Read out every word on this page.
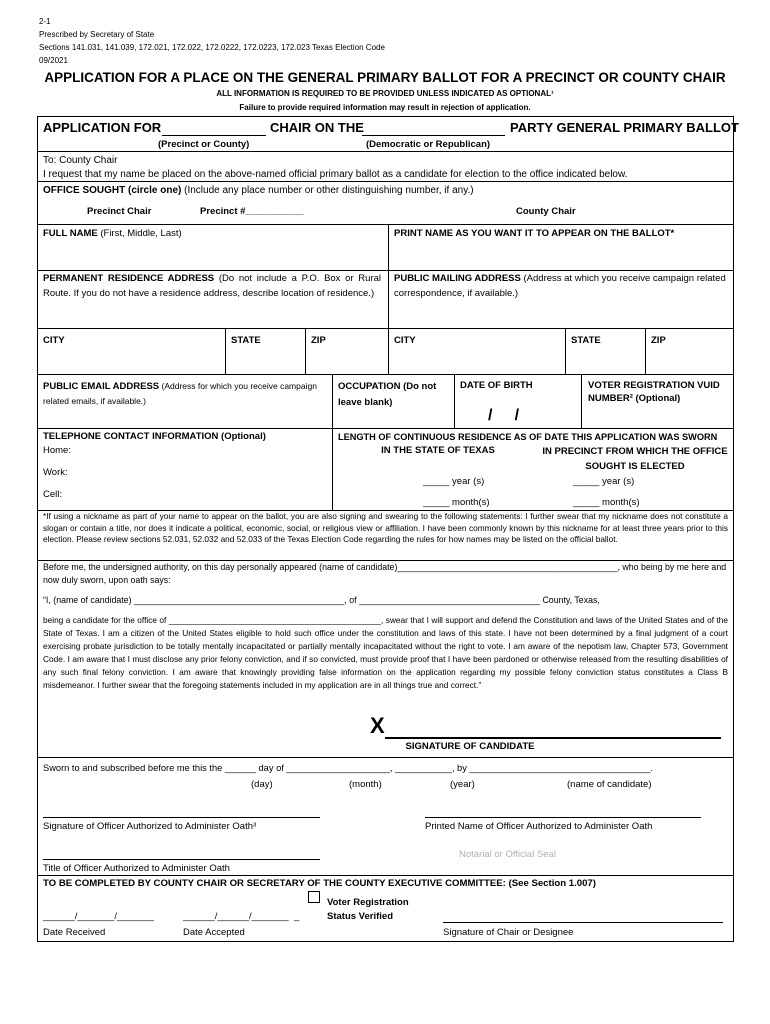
2-1
Prescribed by Secretary of State
Sections 141.031, 141.039, 172.021, 172.022, 172.0222, 172.0223, 172.023 Texas Election Code
09/2021
APPLICATION FOR A PLACE ON THE GENERAL PRIMARY BALLOT FOR A PRECINCT OR COUNTY CHAIR
ALL INFORMATION IS REQUIRED TO BE PROVIDED UNLESS INDICATED AS OPTIONAL¹
Failure to provide required information may result in rejection of application.
APPLICATION FOR	CHAIR ON THE	PARTY GENERAL PRIMARY BALLOT
(Precinct or County)	(Democratic or Republican)
To: County Chair
I request that my name be placed on the above-named official primary ballot as a candidate for election to the office indicated below.
OFFICE SOUGHT (circle one) (Include any place number or other distinguishing number, if any.)
Precinct Chair	Precinct #___________	County Chair
FULL NAME (First, Middle, Last)	PRINT NAME AS YOU WANT IT TO APPEAR ON THE BALLOT*
PERMANENT RESIDENCE ADDRESS (Do not include a P.O. Box or Rural Route. If you do not have a residence address, describe location of residence.)
PUBLIC MAILING ADDRESS (Address at which you receive campaign related correspondence, if available.)
CITY	STATE	ZIP	CITY	STATE	ZIP
PUBLIC EMAIL ADDRESS (Address for which you receive campaign related emails, if available.)
OCCUPATION (Do not leave blank)
DATE OF BIRTH
/     /
VOTER REGISTRATION VUID NUMBER² (Optional)
TELEPHONE CONTACT INFORMATION (Optional)
Home:
Work:
Cell:
LENGTH OF CONTINUOUS RESIDENCE AS OF DATE THIS APPLICATION WAS SWORN
IN THE STATE OF TEXAS	IN PRECINCT FROM WHICH THE OFFICE SOUGHT IS ELECTED
_____ year (s)	_____ year (s)
_____ month(s)	_____ month(s)
*If using a nickname as part of your name to appear on the ballot, you are also signing and swearing to the following statements: I further swear that my nickname does not constitute a slogan or contain a title, nor does it indicate a political, economic, social, or religious view or affiliation. I have been commonly known by this nickname for at least three years prior to this election. Please review sections 52.031, 52.032 and 52.033 of the Texas Election Code regarding the rules for how names may be listed on the official ballot.
Before me, the undersigned authority, on this day personally appeared (name of candidate)_____________________________________________, who being by me here and now duly sworn, upon oath says:
“I, (name of candidate) ___________________________________________, of _____________________________________ County, Texas,
being a candidate for the office of ______________________________________________, swear that I will support and defend the Constitution and laws of the United States and of the State of Texas. I am a citizen of the United States eligible to hold such office under the constitution and laws of this state. I have not been determined by a final judgment of a court exercising probate jurisdiction to be totally mentally incapacitated or partially mentally incapacitated without the right to vote. I am aware of the nepotism law, Chapter 573, Government Code. I am aware that I must disclose any prior felony conviction, and if so convicted, must provide proof that I have been pardoned or otherwise released from the resulting disabilities of any such final felony conviction. I am aware that knowingly providing false information on the application regarding my possible felony conviction status constitutes a Class B misdemeanor. I further swear that the foregoing statements included in my application are in all things true and correct.”
X
SIGNATURE OF CANDIDATE
Sworn to and subscribed before me this the ______ day of ____________________, ___________, by ___________________________________.
(day)	(month)	(year)	(name of candidate)
Signature of Officer Authorized to Administer Oath³	Printed Name of Officer Authorized to Administer Oath
Notarial or Official Seal
Title of Officer Authorized to Administer Oath
TO BE COMPLETED BY COUNTY CHAIR OR SECRETARY OF THE COUNTY EXECUTIVE COMMITTEE: (See Section 1.007)
Voter Registration
Status Verified
______/_______/_______	______/______/_______  _
Date Received	Date Accepted	Signature of Chair or Designee
